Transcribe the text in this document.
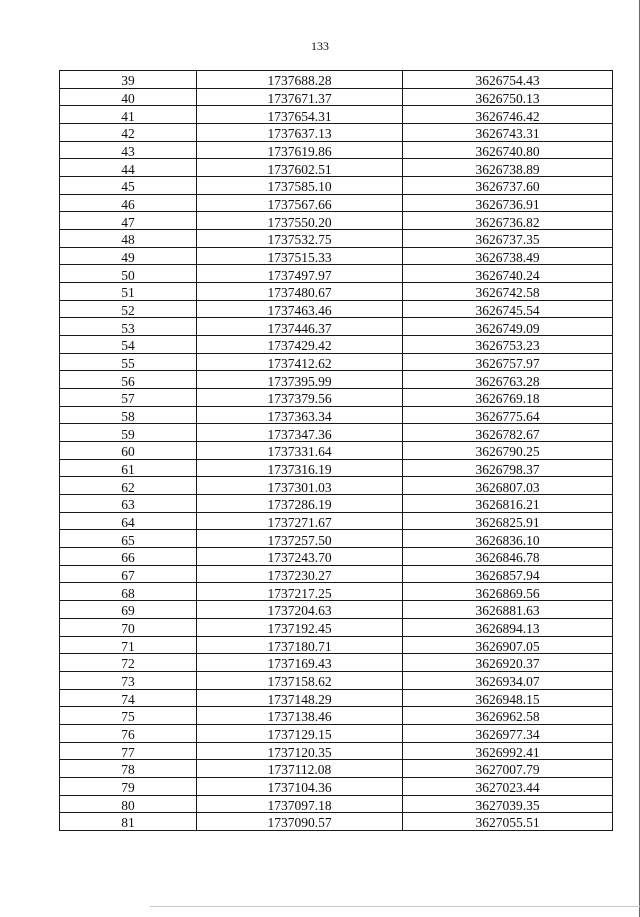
133
39	1737688.28	3626754.43
40	1737671.37	3626750.13
41	1737654.31	3626746.42
42	1737637.13	3626743.31
43	1737619.86	3626740.80
44	1737602.51	3626738.89
45	1737585.10	3626737.60
46	1737567.66	3626736.91
47	1737550.20	3626736.82
48	1737532.75	3626737.35
49	1737515.33	3626738.49
50	1737497.97	3626740.24
51	1737480.67	3626742.58
52	1737463.46	3626745.54
53	1737446.37	3626749.09
54	1737429.42	3626753.23
55	1737412.62	3626757.97
56	1737395.99	3626763.28
57	1737379.56	3626769.18
58	1737363.34	3626775.64
59	1737347.36	3626782.67
60	1737331.64	3626790.25
61	1737316.19	3626798.37
62	1737301.03	3626807.03
63	1737286.19	3626816.21
64	1737271.67	3626825.91
65	1737257.50	3626836.10
66	1737243.70	3626846.78
67	1737230.27	3626857.94
68	1737217.25	3626869.56
69	1737204.63	3626881.63
70	1737192.45	3626894.13
71	1737180.71	3626907.05
72	1737169.43	3626920.37
73	1737158.62	3626934.07
74	1737148.29	3626948.15
75	1737138.46	3626962.58
76	1737129.15	3626977.34
77	1737120.35	3626992.41
78	1737112.08	3627007.79
79	1737104.36	3627023.44
80	1737097.18	3627039.35
81	1737090.57	3627055.51
